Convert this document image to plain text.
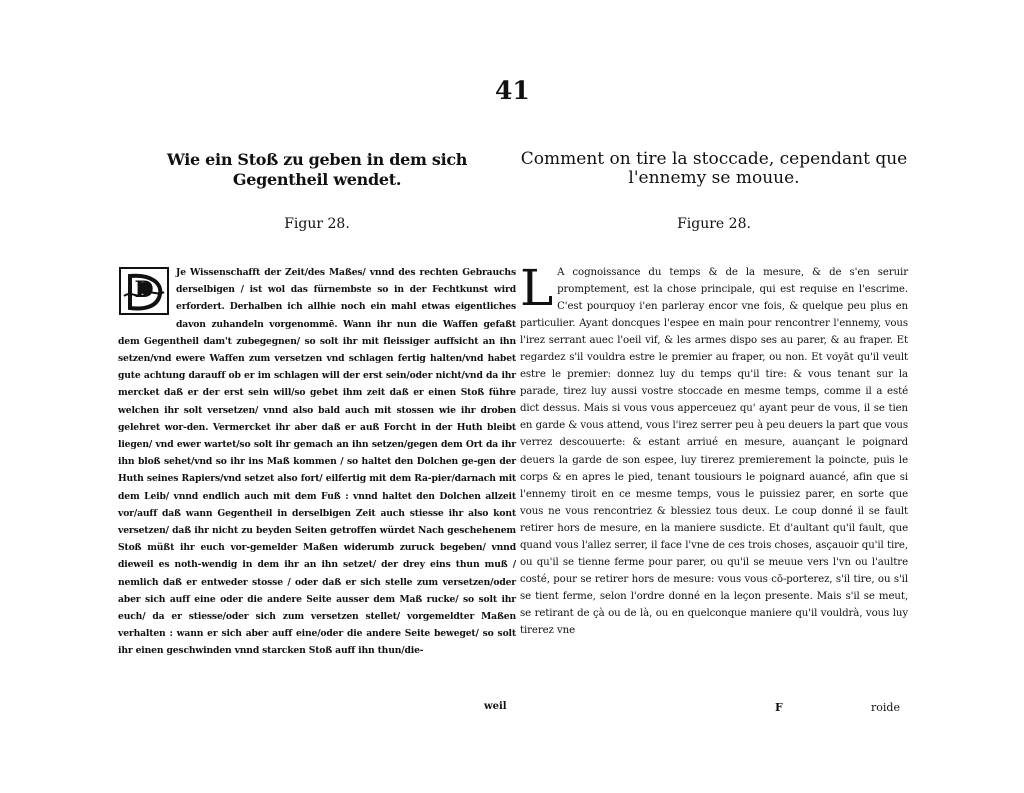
41
Wie ein Stoß zu geben in dem sich Gegentheil wendet.
Figur 28.
D
Je Wissenschafft der Zeit/des Maßes/ vnnd des rechten Gebrauchs derselbigen / ist wol das fürnembste so in der Fechtkunst wird erfordert. Derhalben ich allhie noch ein mahl etwas eigentliches davon zuhandeln vorgenommē. Wann ihr nun die Waffen gefaßt dem Gegentheil dam't zubegegnen/ so solt ihr mit fleissiger auffsicht an ihn setzen/vnd ewere Waffen zum versetzen vnd schlagen fertig halten/vnd habet gute achtung darauff ob er im schlagen will der erst sein/oder nicht/vnd da ihr mercket daß er der erst sein will/so gebet ihm zeit daß er einen Stoß führe welchen ihr solt versetzen/ vnnd also bald auch mit stossen wie ihr droben gelehret wor-den. Vermercket ihr aber daß er auß Forcht in der Huth bleibt liegen/ vnd ewer wartet/so solt ihr gemach an ihn setzen/gegen dem Ort da ihr ihn bloß sehet/vnd so ihr ins Maß kommen / so haltet den Dolchen ge-gen der Huth seines Rapiers/vnd setzet also fort/ eilfertig mit dem Ra-pier/darnach mit dem Leib/ vnnd endlich auch mit dem Fuß : vnnd haltet den Dolchen allzeit vor/auff daß wann Gegentheil in derselbigen Zeit auch stiesse ihr also kont versetzen/ daß ihr nicht zu beyden Seiten getroffen würdet Nach geschehenem Stoß müßt ihr euch vor-gemelder Maßen widerumb zuruck begeben/ vnnd dieweil es noth-wendig in dem ihr an ihn setzet/ der drey eins thun muß / nemlich daß er entweder stosse / oder daß er sich stelle zum versetzen/oder aber sich auff eine oder die andere Seite ausser dem Maß rucke/ so solt ihr euch/ da er stiesse/oder sich zum versetzen stellet/ vorgemeldter Maßen verhalten : wann er sich aber auff eine/oder die andere Seite beweget/ so solt ihr einen geschwinden vnnd starcken Stoß auff ihn thun/die-
Comment on tire la stoccade, cependant que l'ennemy se mouue.
Figure 28.
L A cognoissance du temps & de la mesure, & de s'en seruir promptement, est la chose principale, qui est requise en l'escrime. C'est pourquoy i'en parleray encor vne fois, & quelque peu plus en particulier. Ayant doncques l'espee en main pour rencontrer l'ennemy, vous l'irez serrant auec l'oeil vif, & les armes dispo ses au parer, & au fraper. Et regardez s'il vouldra estre le premier au fraper, ou non. Et voyāt qu'il veult estre le premier: donnez luy du temps qu'il tire: & vous tenant sur la parade, tirez luy aussi vostre stoccade en mesme temps, comme il a esté dict dessus. Mais si vous vous apperceuez qu' ayant peur de vous, il se tien en garde & vous attend, vous l'irez serrer peu à peu deuers la part que vous verrez descouuerte: & estant arriué en mesure, auançant le poignard deuers la garde de son espee, luy tirerez premierement la poincte, puis le corps & en apres le pied, tenant tousiours le poignard auancé, afin que si l'ennemy tiroit en ce mesme temps, vous le puissiez parer, en sorte que vous ne vous rencontriez & blessiez tous deux. Le coup donné il se fault retirer hors de mesure, en la maniere susdicte. Et d'aultant qu'il fault, que quand vous l'allez serrer, il face l'vne de ces trois choses, asçauoir qu'il tire, ou qu'il se tienne ferme pour parer, ou qu'il se meuue vers l'vn ou l'aultre costé, pour se retirer hors de mesure: vous vous cō-porterez, s'il tire, ou s'il se tient ferme, selon l'ordre donné en la leçon presente. Mais s'il se meut, se retirant de çà ou de là, ou en quelconque maniere qu'il vouldrà, vous luy tirerez vne
weil	F	roide
